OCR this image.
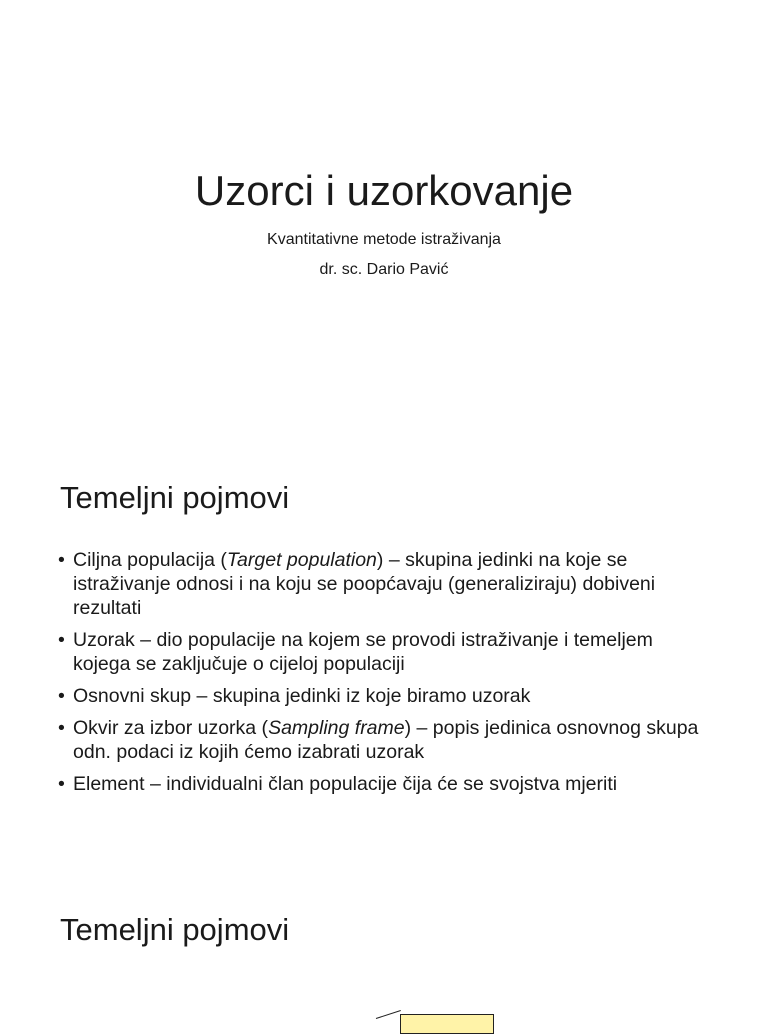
Uzorci i uzorkovanje

Kvantitativne metode istraživanja

dr. sc. Dario Pavić

Temeljni pojmovi
• Ciljna populacija (Target population) – skupina jedinki na koje se istraživanje odnosi i na koju se poopćavaju (generaliziraju) dobiveni rezultati
• Uzorak – dio populacije na kojem se provodi istraživanje i temeljem kojega se zaključuje o cijeloj populaciji
• Osnovni skup – skupina jedinki iz koje biramo uzorak
• Okvir za izbor uzorka (Sampling frame) – popis jedinica osnovnog skupa odn. podaci iz kojih ćemo izabrati uzorak
• Element – individualni član populacije čija će se svojstva mjeriti
Temeljni pojmovi
